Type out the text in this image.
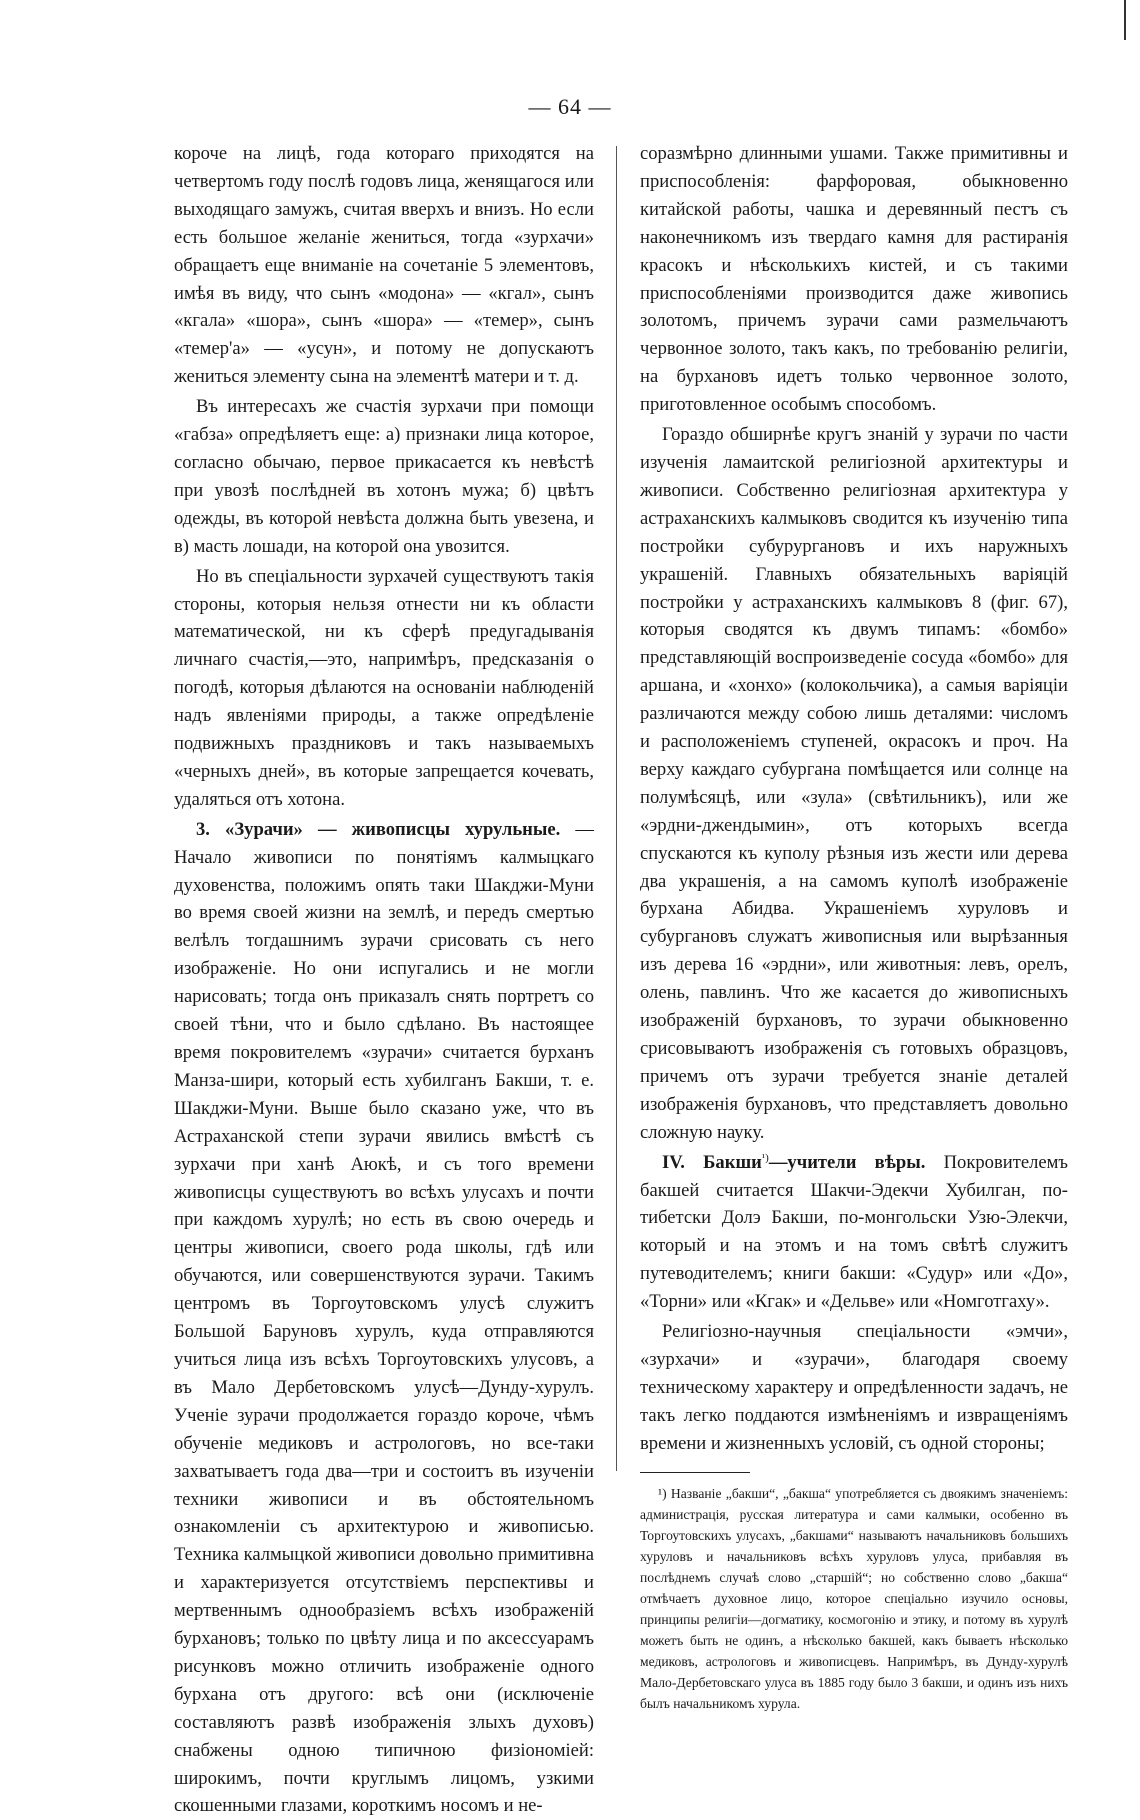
— 64 —

короче на лицѣ, года котораго приходятся на четвертомъ году послѣ годовъ лица, женящагося или выходящаго замужъ, считая вверхъ и внизъ. Но если есть большое желаніе жениться, тогда «зурхачи» обращаетъ еще вниманіе на сочетаніе 5 элементовъ, имѣя въ виду, что сынъ «модона» — «кгал», сынъ «кгала» «шора», сынъ «шора» — «темер», сынъ «темер'а» — «усун», и потому не допускаютъ жениться элементу сына на элементѣ матери и т. д.

Въ интересахъ же счастія зурхачи при помощи «габза» опредѣляетъ еще: а) признаки лица которое, согласно обычаю, первое прикасается къ невѣстѣ при увозѣ послѣдней въ хотонъ мужа; б) цвѣтъ одежды, въ которой невѣста должна быть увезена, и в) масть лошади, на которой она увозится.

Но въ спеціальности зурхачей существуютъ такія стороны, которыя нельзя отнести ни къ области математической, ни къ сферѣ предугадыванія личнаго счастія,—это, напримѣръ, предсказанія о погодѣ, которыя дѣлаются на основаніи наблюденій надъ явленіями природы, а также опредѣленіе подвижныхъ праздниковъ и такъ называемыхъ «черныхъ дней», въ которые запрещается кочевать, удаляться отъ хотона.

3. «Зурачи» — живописцы хурульные. — Начало живописи по понятіямъ калмыцкаго духовенства, положимъ опять таки Шакджи-Муни во время своей жизни на землѣ, и передъ смертью велѣлъ тогдашнимъ зурачи срисовать съ него изображеніе. Но они испугались и не могли нарисовать; тогда онъ приказалъ снять портретъ со своей тѣни, что и было сдѣлано. Въ настоящее время покровителемъ «зурачи» считается бурханъ Манза-шири, который есть хубилганъ Бакши, т. е. Шакджи-Муни. Выше было сказано уже, что въ Астраханской степи зурачи явились вмѣстѣ съ зурхачи при ханѣ Аюкѣ, и съ того времени живописцы существуютъ во всѣхъ улусахъ и почти при каждомъ хурулѣ; но есть въ свою очередь и центры живописи, своего рода школы, гдѣ или обучаются, или совершенствуются зурачи. Такимъ центромъ въ Торгоутовскомъ улусѣ служитъ Большой Баруновъ хурулъ, куда отправляются учиться лица изъ всѣхъ Торгоутовскихъ улусовъ, а въ Мало Дербетовскомъ улусѣ—Дунду-хурулъ. Ученіе зурачи продолжается гораздо короче, чѣмъ обученіе медиковъ и астрологовъ, но все-таки захватываетъ года два—три и состоитъ въ изученіи техники живописи и въ обстоятельномъ ознакомленіи съ архитектурою и живописью. Техника калмыцкой живописи довольно примитивна и характеризуется отсутствіемъ перспективы и мертвеннымъ однообразіемъ всѣхъ изображеній бурхановъ; только по цвѣту лица и по аксессуарамъ рисунковъ можно отличить изображеніе одного бурхана отъ другого: всѣ они (исключеніе составляютъ развѣ изображенія злыхъ духовъ) снабжены одною типичною физіономіей: широкимъ, почти круглымъ лицомъ, узкими скошенными глазами, короткимъ носомъ и не-

соразмѣрно длинными ушами. Также примитивны и приспособленія: фарфоровая, обыкновенно китайской работы, чашка и деревянный пестъ съ наконечникомъ изъ твердаго камня для растиранія красокъ и нѣсколькихъ кистей, и съ такими приспособленіями производится даже живопись золотомъ, причемъ зурачи сами размельчаютъ червонное золото, такъ какъ, по требованію религіи, на бурхановъ идетъ только червонное золото, приготовленное особымъ способомъ.

Гораздо обширнѣе кругъ знаній у зурачи по части изученія ламаитской религіозной архитектуры и живописи. Собственно религіозная архитектура у астраханскихъ калмыковъ сводится къ изученію типа постройки субурургановъ и ихъ наружныхъ украшеній. Главныхъ обязательныхъ варіяцій постройки у астраханскихъ калмыковъ 8 (фиг. 67), которыя сводятся къ двумъ типамъ: «бомбо» представляющій воспроизведеніе сосуда «бомбо» для аршана, и «хонхо» (колокольчика), а самыя варіяціи различаются между собою лишь деталями: числомъ и расположеніемъ ступеней, окрасокъ и проч. На верху каждаго субургана помѣщается или солнце на полумѣсяцѣ, или «зула» (свѣтильникъ), или же «эрдни-джендымин», отъ которыхъ всегда спускаются къ куполу рѣзныя изъ жести или дерева два украшенія, а на самомъ куполѣ изображеніе бурхана Абидва. Украшеніемъ хуруловъ и субургановъ служатъ живописныя или вырѣзанныя изъ дерева 16 «эрдни», или животныя: левъ, орелъ, олень, павлинъ. Что же касается до живописныхъ изображеній бурхановъ, то зурачи обыкновенно срисовываютъ изображенія съ готовыхъ образцовъ, причемъ отъ зурачи требуется знаніе деталей изображенія бурхановъ, что представляетъ довольно сложную науку.

IV. Бакши$^{^1)}$—учители вѣры. Покровителемъ бакшей считается Шакчи-Эдекчи Хубилган, по-тибетски Долэ Бакши, по-монгольски Узю-Элекчи, который и на этомъ и на томъ свѣтѣ служитъ путеводителемъ; книги бакши: «Судур» или «До», «Торни» или «Кгак» и «Дельве» или «Номготгаху».

Религіозно-научныя спеціальности «эмчи», «зурхачи» и «зурачи», благодаря своему техническому характеру и опредѣленности задачъ, не такъ легко поддаются измѣненіямъ и извращеніямъ времени и жизненныхъ условій, съ одной стороны;

¹) Названіе „бакши“, „бакша“ употребляется съ двоякимъ значеніемъ: администрація, русская литература и сами калмыки, особенно въ Торгоутовскихъ улусахъ, „бакшами“ называютъ начальниковъ большихъ хуруловъ и начальниковъ всѣхъ хуруловъ улуса, прибавляя въ послѣднемъ случаѣ слово „старшій“; но собственно слово „бакша“ отмѣчаетъ духовное лицо, которое спеціально изучило основы, принципы религіи—догматику, космогонію и этику, и потому въ хурулѣ можетъ быть не одинъ, а нѣсколько бакшей, какъ бываетъ нѣсколько медиковъ, астрологовъ и живописцевъ. Напримѣръ, въ Дунду-хурулѣ Мало-Дербетовскаго улуса въ 1885 году было 3 бакши, и одинъ изъ нихъ былъ начальникомъ хурула.
